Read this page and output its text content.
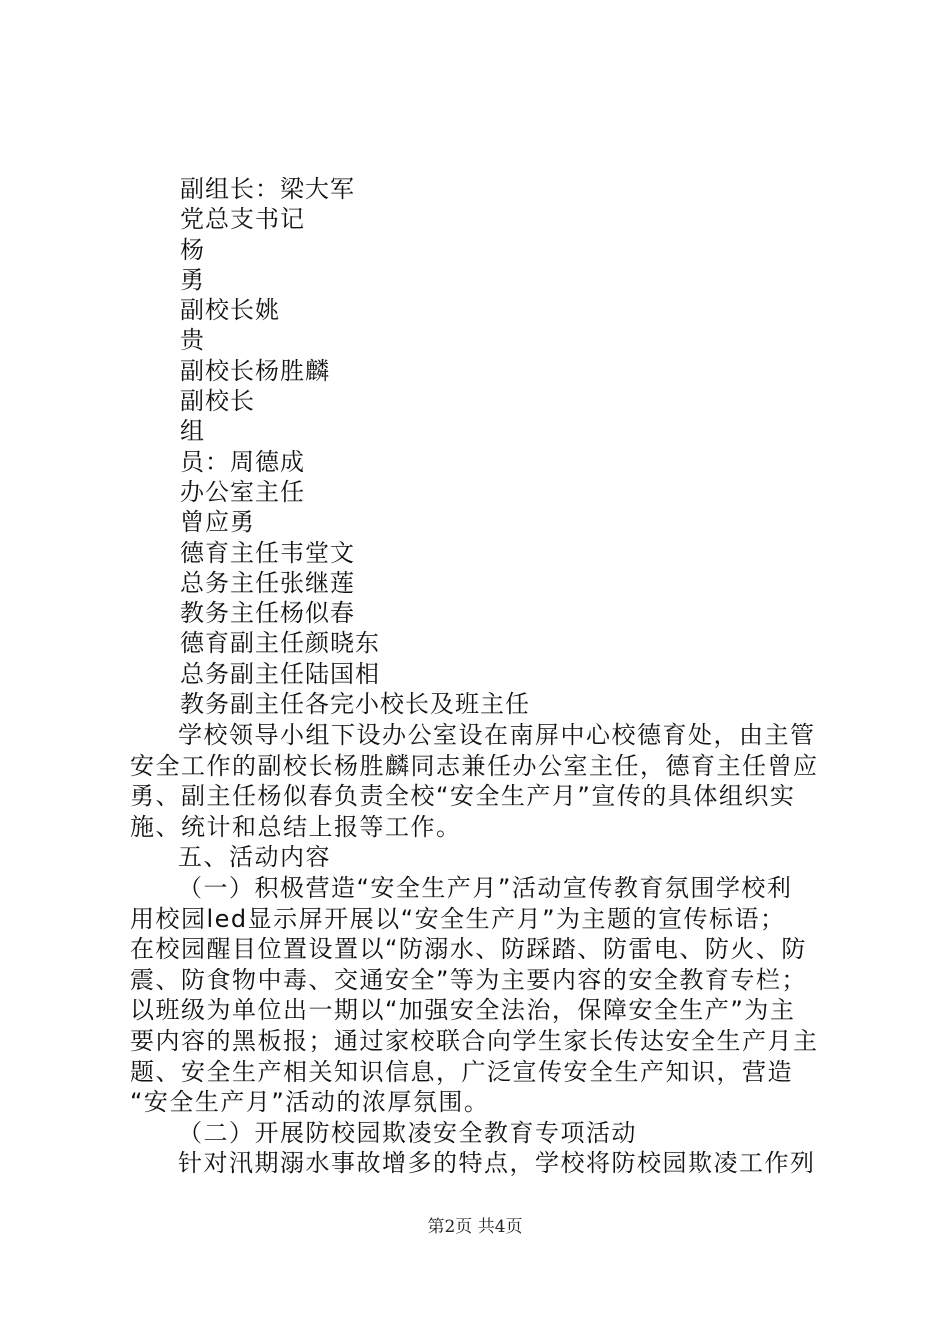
副组长：梁大军
党总支书记
杨
勇
副校长姚
贵
副校长杨胜麟
副校长
组
员：周德成
办公室主任
曾应勇
德育主任韦堂文
总务主任张继莲
教务主任杨似春
德育副主任颜晓东
总务副主任陆国相
教务副主任各完小校长及班主任
学校领导小组下设办公室设在南屏中心校德育处，由主管
安全工作的副校长杨胜麟同志兼任办公室主任，德育主任曾应
勇、副主任杨似春负责全校“安全生产月”宣传的具体组织实
施、统计和总结上报等工作。
五、活动内容
（一）积极营造“安全生产月”活动宣传教育氛围学校利
用校园led显示屏开展以“安全生产月”为主题的宣传标语；
在校园醒目位置设置以“防溺水、防踩踏、防雷电、防火、防
震、防食物中毒、交通安全”等为主要内容的安全教育专栏；
以班级为单位出一期以“加强安全法治，保障安全生产”为主
要内容的黑板报；通过家校联合向学生家长传达安全生产月主
题、安全生产相关知识信息，广泛宣传安全生产知识，营造
“安全生产月”活动的浓厚氛围。
（二）开展防校园欺凌安全教育专项活动
针对汛期溺水事故增多的特点，学校将防校园欺凌工作列
第2页 共4页
